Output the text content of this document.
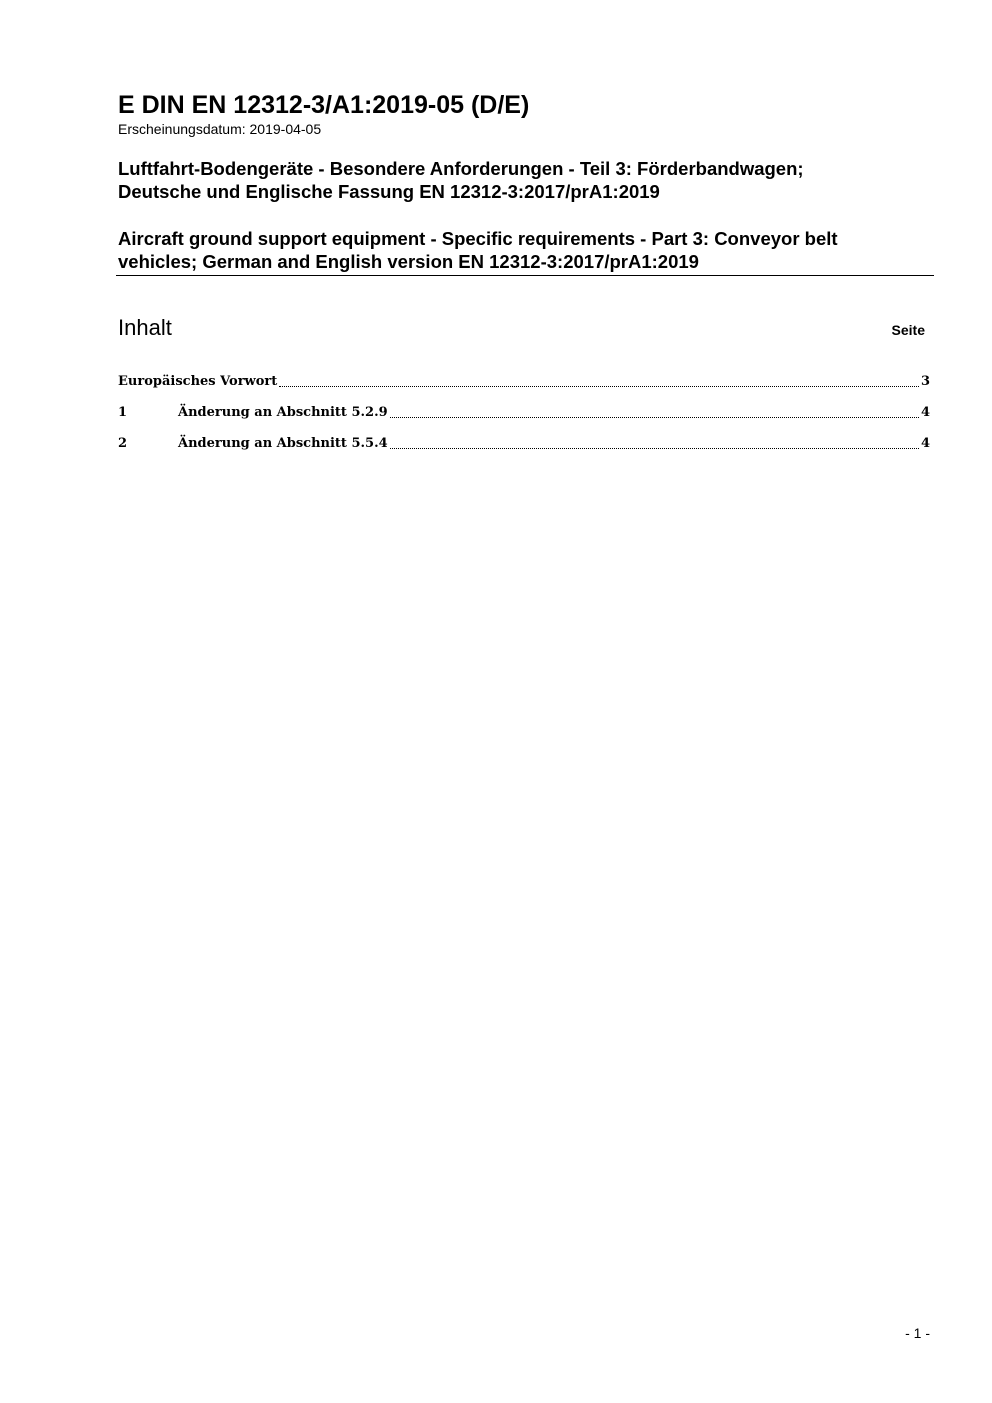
E DIN EN 12312-3/A1:2019-05 (D/E)
Erscheinungsdatum: 2019-04-05
Luftfahrt-Bodengeräte - Besondere Anforderungen - Teil 3: Förderbandwagen;
Deutsche und Englische Fassung EN 12312-3:2017/prA1:2019
Aircraft ground support equipment - Specific requirements - Part 3: Conveyor belt
vehicles; German and English version EN 12312-3:2017/prA1:2019
Inhalt	Seite
Europäisches Vorwort	3
1	Änderung an Abschnitt 5.2.9	4
2	Änderung an Abschnitt 5.5.4	4
- 1 -
